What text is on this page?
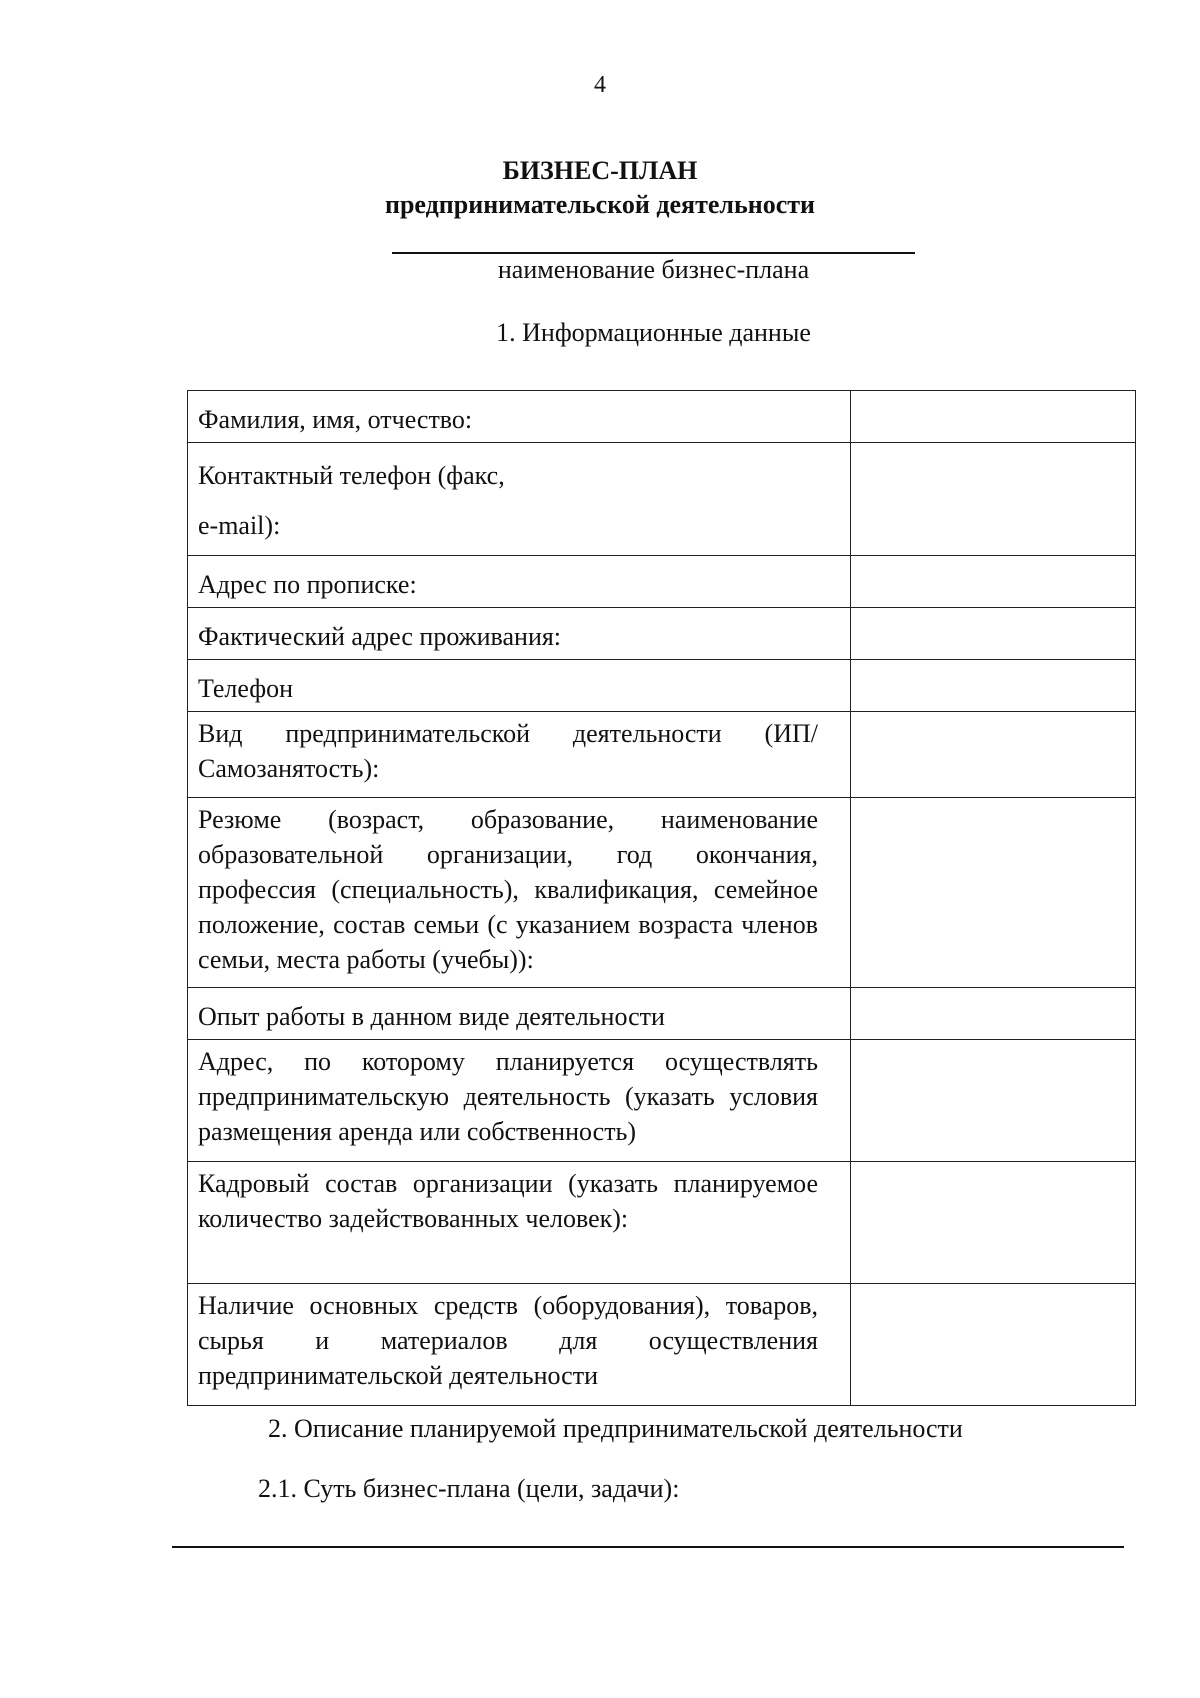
4
БИЗНЕС-ПЛАН
предпринимательской деятельности
наименование бизнес-плана
1. Информационные данные
Фамилия, имя, отчество:	

Контактный телефон (факс,
e-mail):	

Адрес по прописке:	
Фактический адрес проживания:	
Телефон	
Вид предпринимательской деятельности (ИП/Самозанятость):	
Резюме (возраст, образование, наименование образовательной организации, год окончания, профессия (специальность), квалификация, семейное положение, состав семьи (с указанием возраста членов семьи, места работы (учебы)):	
Опыт работы в данном виде деятельности	
Адрес, по которому планируется осуществлять предпринимательскую деятельность (указать условия размещения аренда или собственность)	
Кадровый состав организации (указать планируемое количество задействованных человек):	
Наличие основных средств (оборудования), товаров, сырья и материалов для осуществления предпринимательской деятельности	
2. Описание планируемой предпринимательской деятельности
2.1. Суть бизнес-плана (цели, задачи):
